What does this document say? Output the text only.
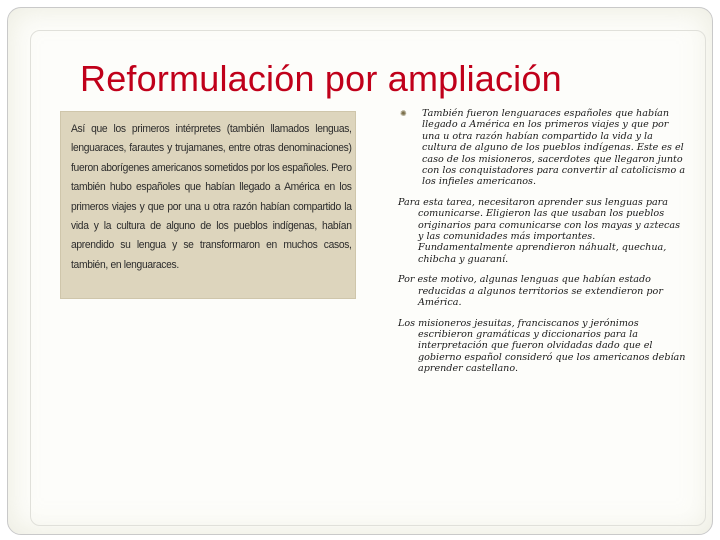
Reformulación por ampliación
Así que los primeros intérpretes (también llamados lenguas, lenguaraces, farautes y trujamanes, entre otras denominaciones) fueron aborígenes americanos sometidos por los españoles. Pero también hubo españoles que habían llegado a América en los primeros viajes y que por una u otra razón habían compartido la vida y la cultura de alguno de los pueblos indígenas, habían aprendido su lengua y se transformaron en muchos casos, también, en lenguaraces.

✺ También fueron lenguaraces españoles que habían llegado a América en los primeros viajes y que por una u otra razón habían compartido la vida y la cultura de alguno de los pueblos indígenas. Este es el caso de los misioneros, sacerdotes que llegaron junto con los conquistadores para convertir al catolicismo a los infieles americanos.

Para esta tarea, necesitaron aprender sus lenguas para comunicarse. Eligieron las que usaban los pueblos originarios para comunicarse con los mayas y aztecas y las comunidades más importantes. Fundamentalmente aprendieron náhualt, quechua, chibcha y guaraní.

Por este motivo, algunas lenguas que habían estado reducidas a algunos territorios se extendieron por América.

Los misioneros jesuitas, franciscanos y jerónimos escribieron gramáticas y diccionarios para la interpretación que fueron olvidadas dado que el gobierno español consideró que los americanos debían aprender castellano.
